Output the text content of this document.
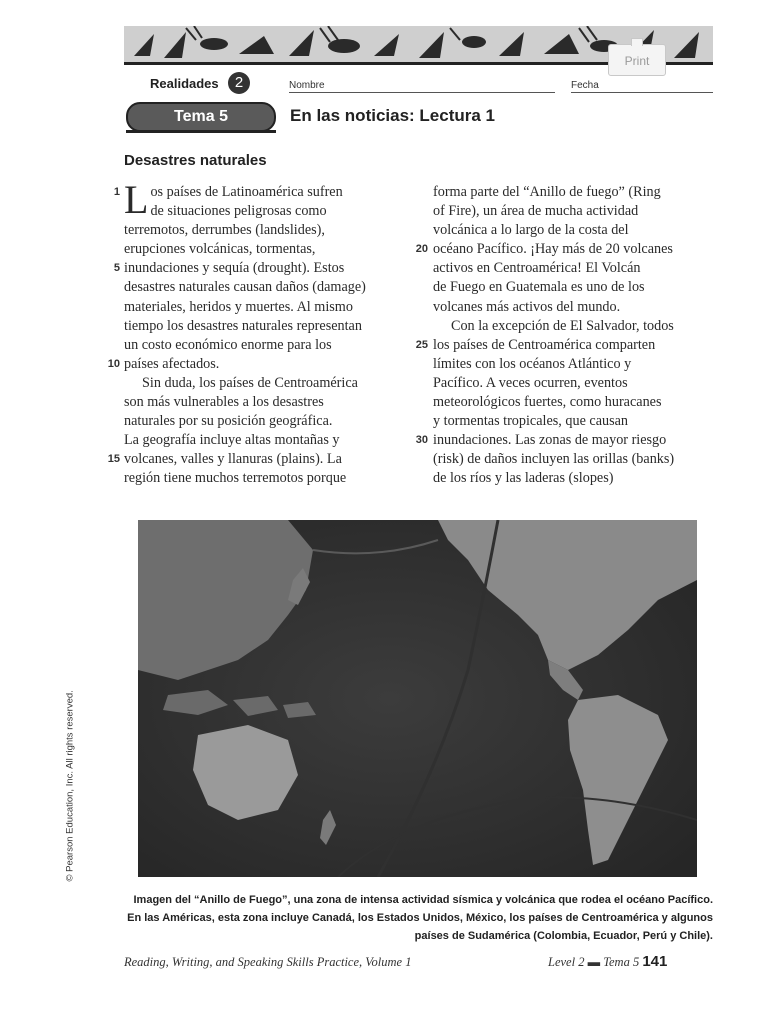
Print
Realidades	2	Nombre	Fecha
Tema 5	En las noticias: Lectura 1
Desastres naturales
1
5
10
15
20
25
30
Los países de Latinoamérica sufren
de situaciones peligrosas como
terremotos, derrumbes (landslides),
erupciones volcánicas, tormentas,
inundaciones y sequía (drought). Estos
desastres naturales causan daños (damage)
materiales, heridos y muertes. Al mismo
tiempo los desastres naturales representan
un costo económico enorme para los
países afectados.
Sin duda, los países de Centroamérica
son más vulnerables a los desastres
naturales por su posición geográfica.
La geografía incluye altas montañas y
volcanes, valles y llanuras (plains). La
región tiene muchos terremotos porque
forma parte del “Anillo de fuego” (Ring
of Fire), un área de mucha actividad
volcánica a lo largo de la costa del
océano Pacífico. ¡Hay más de 20 volcanes
activos en Centroamérica! El Volcán
de Fuego en Guatemala es uno de los
volcanes más activos del mundo.
Con la excepción de El Salvador, todos
los países de Centroamérica comparten
límites con los océanos Atlántico y
Pacífico. A veces ocurren, eventos
meteorológicos fuertes, como huracanes
y tormentas tropicales, que causan
inundaciones. Las zonas de mayor riesgo
(risk) de daños incluyen las orillas (banks)
de los ríos y las laderas (slopes)
Imagen del “Anillo de Fuego”, una zona de intensa actividad sísmica y volcánica que rodea el océano Pacífico. En las Américas, esta zona incluye Canadá, los Estados Unidos, México, los países de Centroamérica y algunos países de Sudamérica (Colombia, Ecuador, Perú y Chile).
Reading, Writing, and Speaking Skills Practice, Volume 1	Level 2 ▬ Tema 5 141
© Pearson Education, Inc. All rights reserved.
